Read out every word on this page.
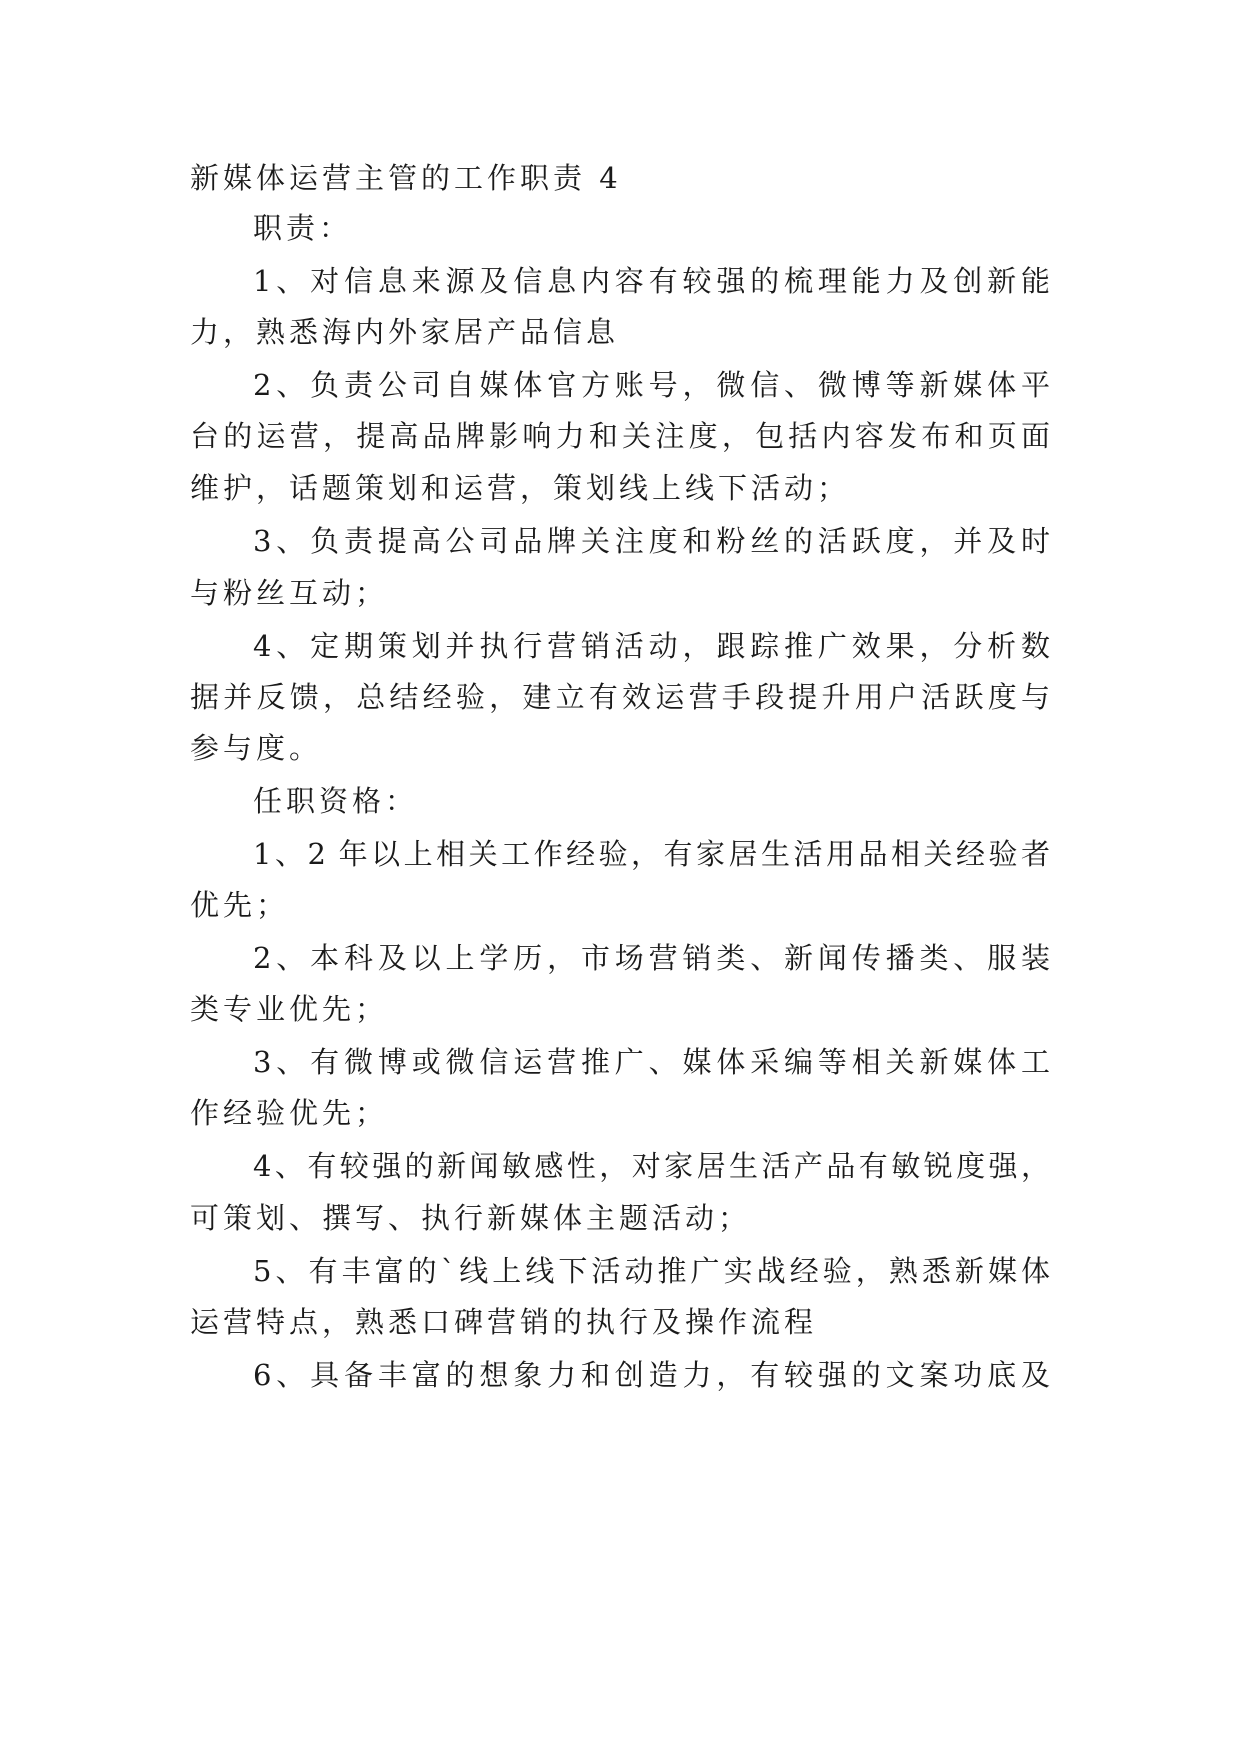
新媒体运营主管的工作职责 4
职责：
1、对信息来源及信息内容有较强的梳理能力及创新能
力，熟悉海内外家居产品信息
2、负责公司自媒体官方账号，微信、微博等新媒体平
台的运营，提高品牌影响力和关注度，包括内容发布和页面
维护，话题策划和运营，策划线上线下活动；
3、负责提高公司品牌关注度和粉丝的活跃度，并及时
与粉丝互动；
4、定期策划并执行营销活动，跟踪推广效果，分析数
据并反馈，总结经验，建立有效运营手段提升用户活跃度与
参与度。
任职资格：
1、2 年以上相关工作经验，有家居生活用品相关经验者
优先；
2、本科及以上学历，市场营销类、新闻传播类、服装
类专业优先；
3、有微博或微信运营推广、媒体采编等相关新媒体工
作经验优先；
4、有较强的新闻敏感性，对家居生活产品有敏锐度强，
可策划、撰写、执行新媒体主题活动；
5、有丰富的`线上线下活动推广实战经验，熟悉新媒体
运营特点，熟悉口碑营销的执行及操作流程
6、具备丰富的想象力和创造力，有较强的文案功底及
